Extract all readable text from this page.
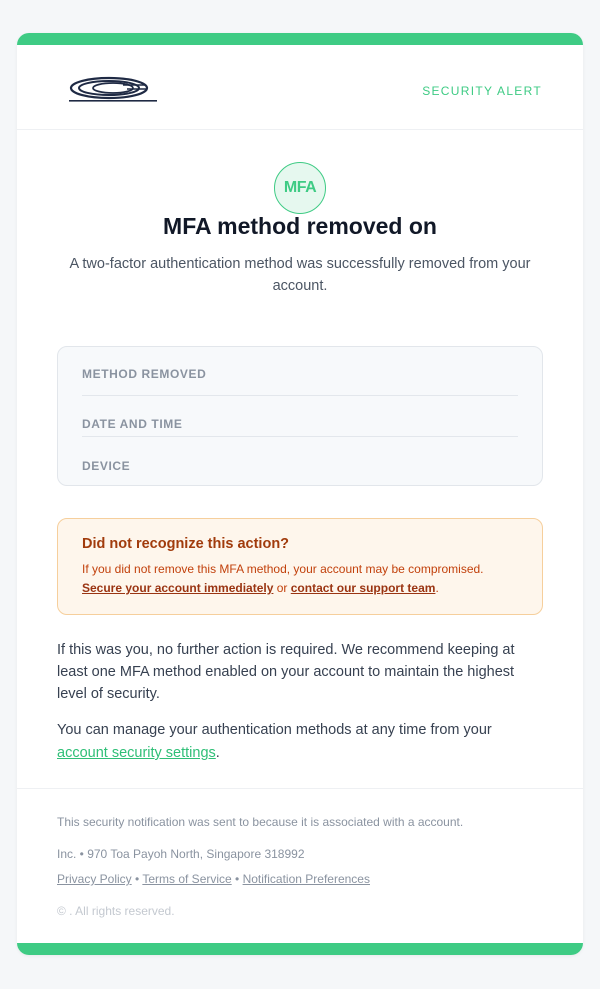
SECURITY ALERT
MFA
MFA method removed on

A two-factor authentication method was successfully removed from your account.

METHOD REMOVED
DATE AND TIME
DEVICE
Did not recognize this action?
If you did not remove this MFA method, your account may be compromised.
Secure your account immediately or contact our support team.

If this was you, no further action is required. We recommend keeping at least one MFA method enabled on your account to maintain the highest level of security.

You can manage your authentication methods at any time from your account security settings.

This security notification was sent to because it is associated with a account.

Inc. • 970 Toa Payoh North, Singapore 318992

Privacy Policy • Terms of Service • Notification Preferences

© . All rights reserved.
